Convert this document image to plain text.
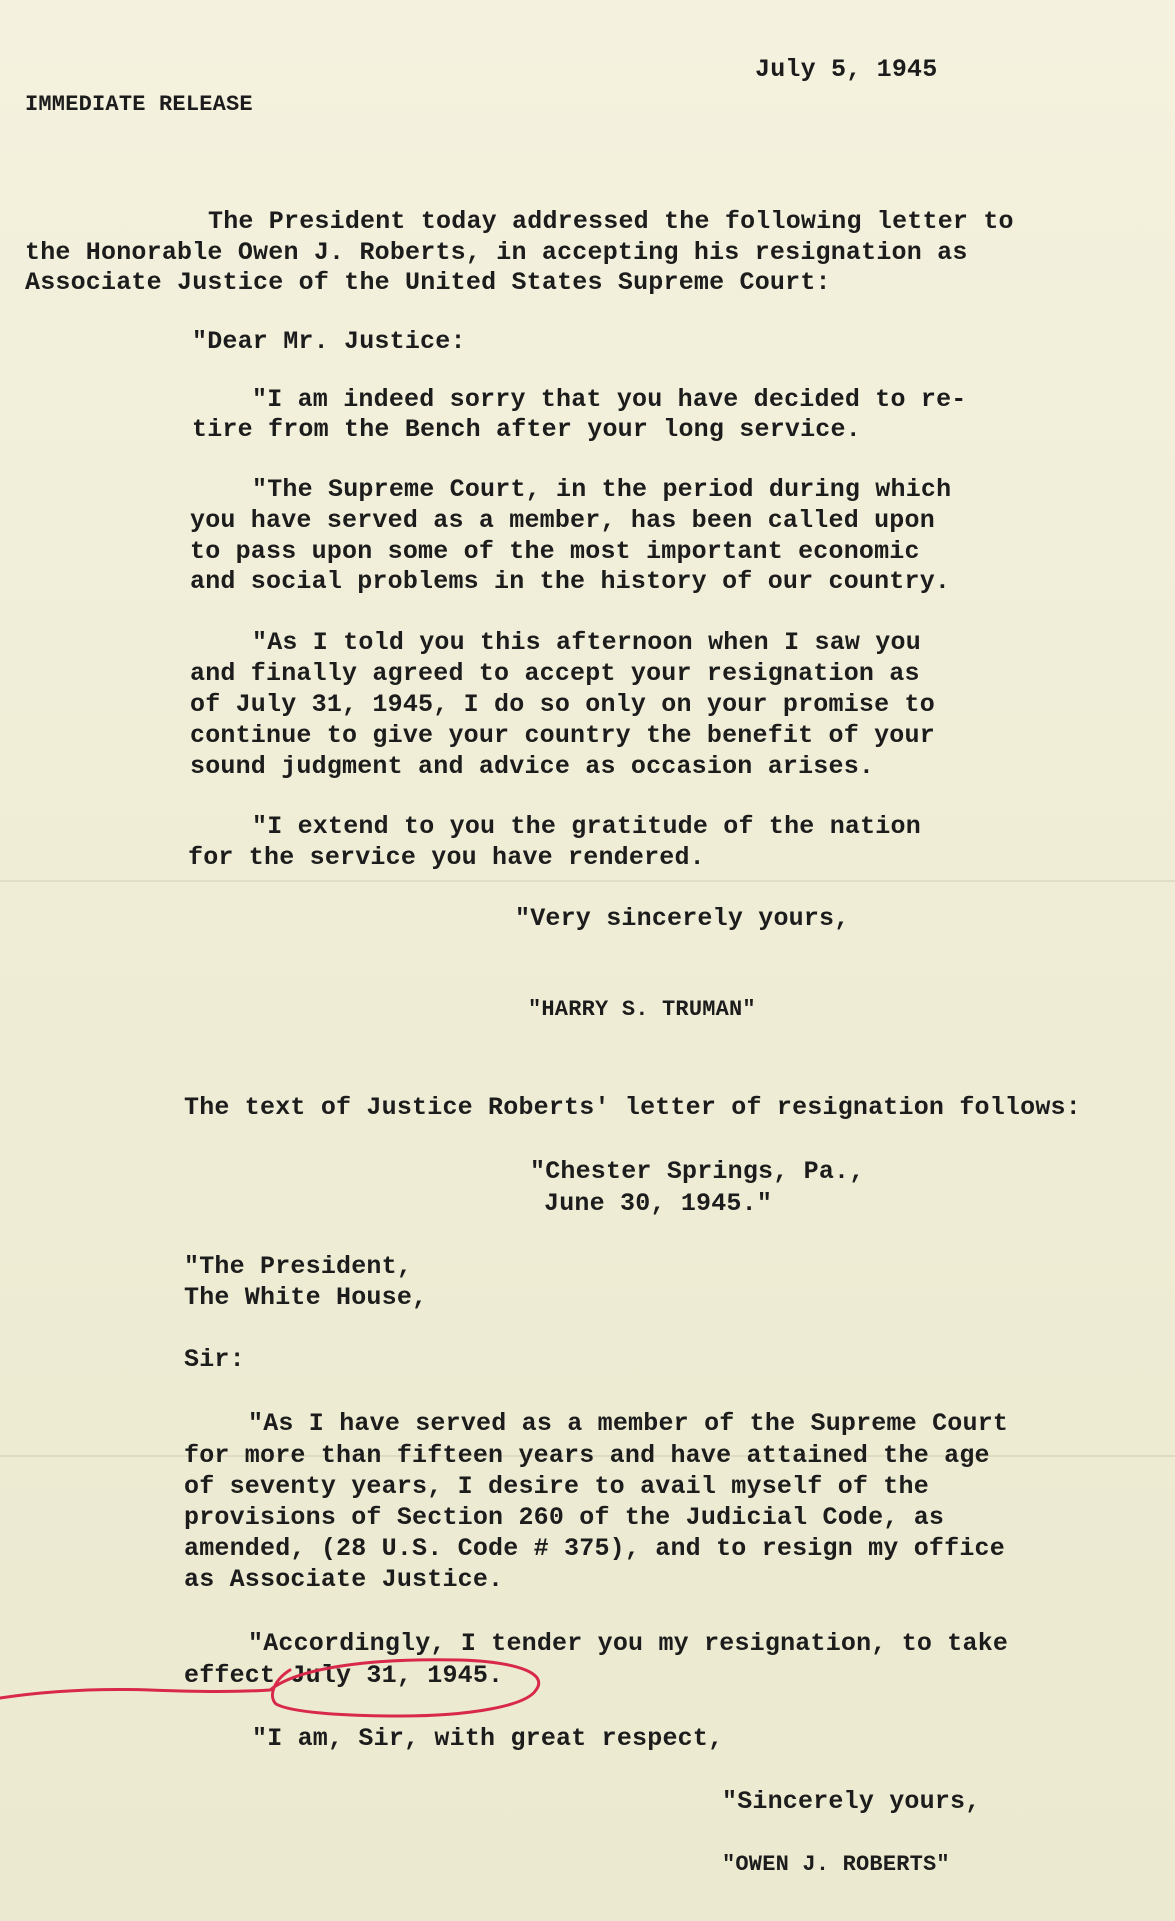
July 5, 1945
IMMEDIATE RELEASE
The President today addressed the following letter to
the Honorable Owen J. Roberts, in accepting his resignation as
Associate Justice of the United States Supreme Court:
"Dear Mr. Justice:
"I am indeed sorry that you have decided to re-
tire from the Bench after your long service.
"The Supreme Court, in the period during which
you have served as a member, has been called upon
to pass upon some of the most important economic
and social problems in the history of our country.
"As I told you this afternoon when I saw you
and finally agreed to accept your resignation as
of July 31, 1945, I do so only on your promise to
continue to give your country the benefit of your
sound judgment and advice as occasion arises.
"I extend to you the gratitude of the nation
for the service you have rendered.
"Very sincerely yours,
"HARRY S. TRUMAN"
The text of Justice Roberts' letter of resignation follows:
"Chester Springs, Pa.,
June 30, 1945."
"The President,
The White House,
Sir:
"As I have served as a member of the Supreme Court
for more than fifteen years and have attained the age
of seventy years, I desire to avail myself of the
provisions of Section 260 of the Judicial Code, as
amended, (28 U.S. Code # 375), and to resign my office
as Associate Justice.
"Accordingly, I tender you my resignation, to take
effect July 31, 1945.
"I am, Sir, with great respect,
"Sincerely yours,
"OWEN J. ROBERTS"
